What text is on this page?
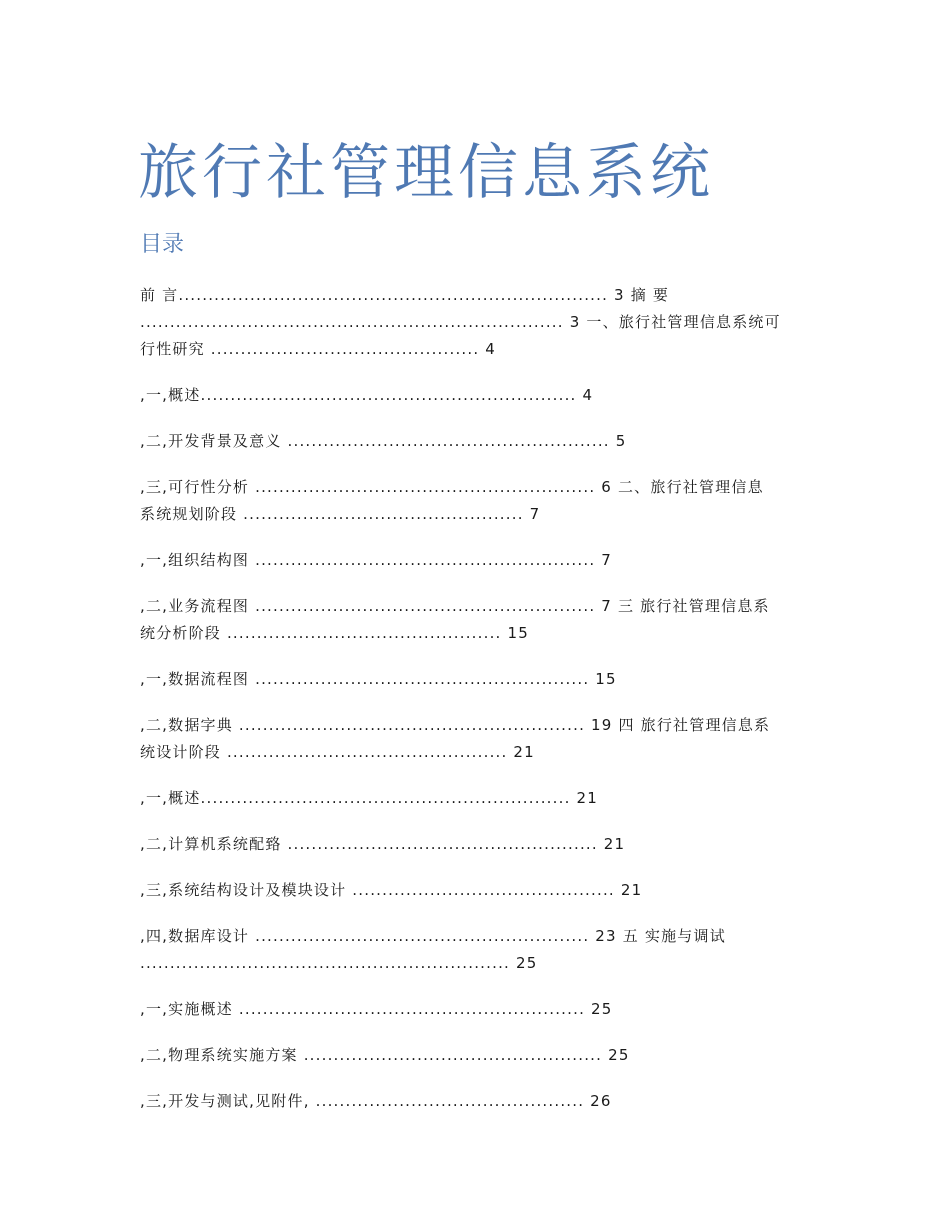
旅行社管理信息系统
目录

前 言........................................................................ 3 摘 要
....................................................................... 3 一、旅行社管理信息系统可
行性研究 ............................................. 4

,一,概述............................................................... 4

,二,开发背景及意义 ...................................................... 5

,三,可行性分析 ......................................................... 6 二、旅行社管理信息
系统规划阶段 ............................................... 7

,一,组织结构图 ......................................................... 7

,二,业务流程图 ......................................................... 7 三 旅行社管理信息系
统分析阶段 .............................................. 15

,一,数据流程图 ........................................................ 15

,二,数据字典 .......................................................... 19 四 旅行社管理信息系
统设计阶段 ............................................... 21

,一,概述.............................................................. 21

,二,计算机系统配臵 .................................................... 21

,三,系统结构设计及模块设计 ............................................ 21

,四,数据库设计 ........................................................ 23 五 实施与调试
.............................................................. 25

,一,实施概述 .......................................................... 25

,二,物理系统实施方案 .................................................. 25

,三,开发与测试,见附件, ............................................. 26
